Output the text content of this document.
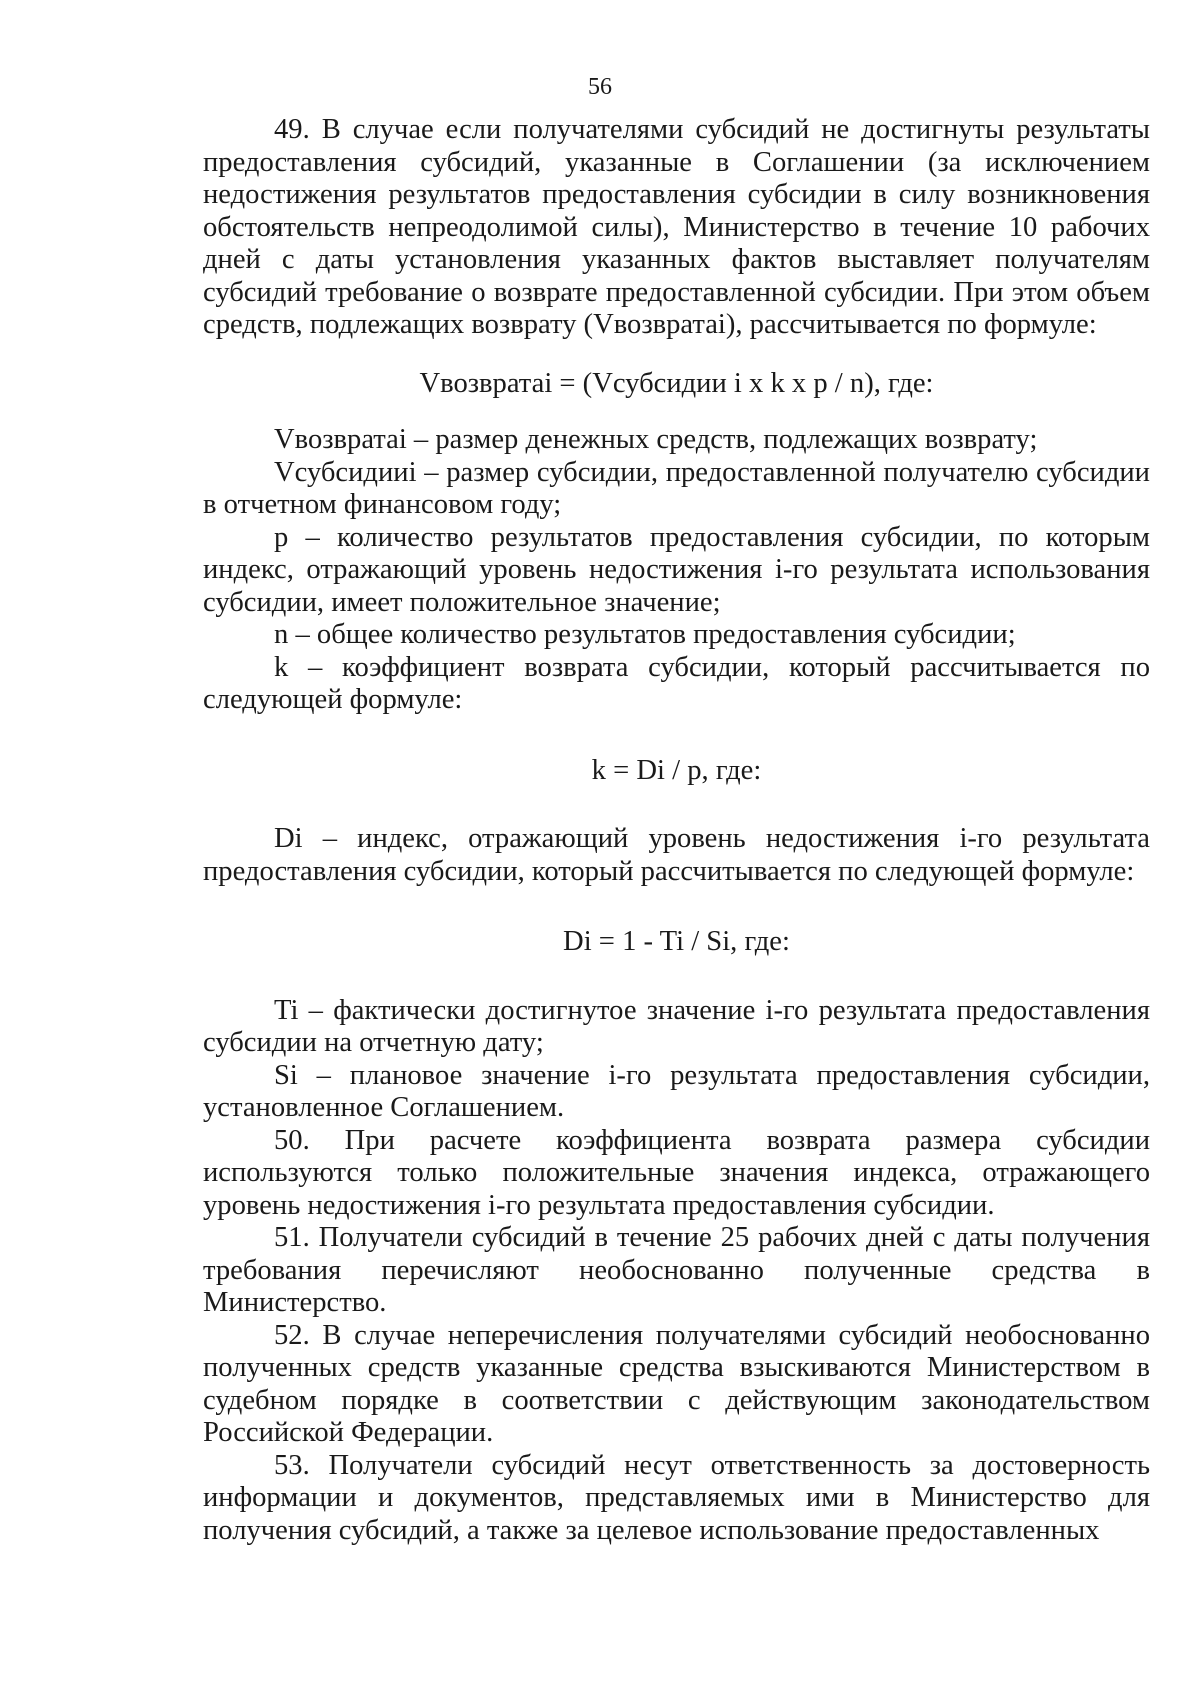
56

49. В случае если получателями субсидий не достигнуты результаты предоставления субсидий, указанные в Соглашении (за исключением недостижения результатов предоставления субсидии в силу возникновения обстоятельств непреодолимой силы), Министерство в течение 10 рабочих дней с даты установления указанных фактов выставляет получателям субсидий требование о возврате предоставленной субсидии. При этом объем средств, подлежащих возврату (Vвозвратаi), рассчитывается по формуле:

Vвозвратаi = (Vсубсидии i x k x p / n), где:

Vвозвратаi – размер денежных средств, подлежащих возврату;

Vсубсидииi – размер субсидии, предоставленной получателю субсидии в отчетном финансовом году;

p – количество результатов предоставления субсидии, по которым индекс, отражающий уровень недостижения i-го результата использования субсидии, имеет положительное значение;

n – общее количество результатов предоставления субсидии;

k – коэффициент возврата субсидии, который рассчитывается по следующей формуле:

k = Di / p, где:

Di – индекс, отражающий уровень недостижения i-го результата предоставления субсидии, который рассчитывается по следующей формуле:

Di = 1 - Ti / Si, где:

Ti – фактически достигнутое значение i-го результата предоставления субсидии на отчетную дату;

Si – плановое значение i-го результата предоставления субсидии, установленное Соглашением.

50. При расчете коэффициента возврата размера субсидии используются только положительные значения индекса, отражающего уровень недостижения i-го результата предоставления субсидии.

51. Получатели субсидий в течение 25 рабочих дней с даты получения требования перечисляют необоснованно полученные средства в Министерство.

52. В случае неперечисления получателями субсидий необоснованно полученных средств указанные средства взыскиваются Министерством в судебном порядке в соответствии с действующим законодательством Российской Федерации.

53. Получатели субсидий несут ответственность за достоверность информации и документов, представляемых ими в Министерство для получения субсидий, а также за целевое использование предоставленных
